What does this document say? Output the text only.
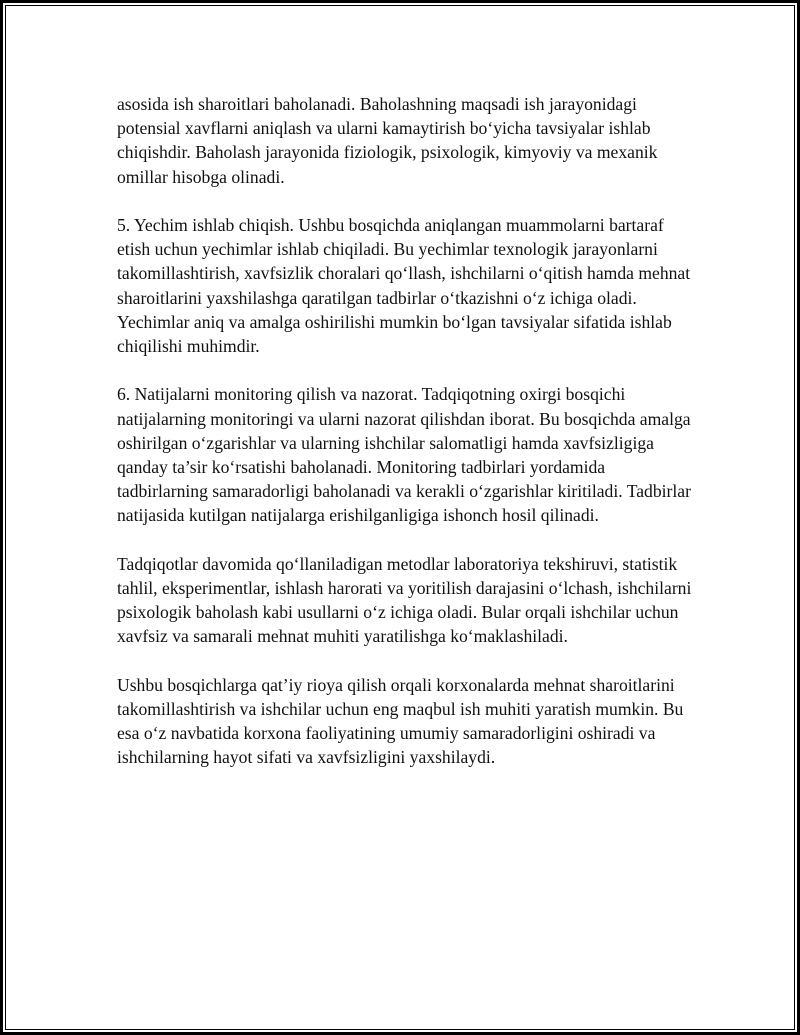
asosida ish sharoitlari baholanadi. Baholashning maqsadi ish jarayonidagi potensial xavflarni aniqlash va ularni kamaytirish bo‘yicha tavsiyalar ishlab chiqishdir. Baholash jarayonida fiziologik, psixologik, kimyoviy va mexanik omillar hisobga olinadi.

5. Yechim ishlab chiqish. Ushbu bosqichda aniqlangan muammolarni bartaraf etish uchun yechimlar ishlab chiqiladi. Bu yechimlar texnologik jarayonlarni takomillashtirish, xavfsizlik choralari qo‘llash, ishchilarni o‘qitish hamda mehnat sharoitlarini yaxshilashga qaratilgan tadbirlar o‘tkazishni o‘z ichiga oladi. Yechimlar aniq va amalga oshirilishi mumkin bo‘lgan tavsiyalar sifatida ishlab chiqilishi muhimdir.

6. Natijalarni monitoring qilish va nazorat. Tadqiqotning oxirgi bosqichi natijalarning monitoringi va ularni nazorat qilishdan iborat. Bu bosqichda amalga oshirilgan o‘zgarishlar va ularning ishchilar salomatligi hamda xavfsizligiga qanday ta’sir ko‘rsatishi baholanadi. Monitoring tadbirlari yordamida tadbirlarning samaradorligi baholanadi va kerakli o‘zgarishlar kiritiladi. Tadbirlar natijasida kutilgan natijalarga erishilganligiga ishonch hosil qilinadi.

Tadqiqotlar davomida qo‘llaniladigan metodlar laboratoriya tekshiruvi, statistik tahlil, eksperimentlar, ishlash harorati va yoritilish darajasini o‘lchash, ishchilarni psixologik baholash kabi usullarni o‘z ichiga oladi. Bular orqali ishchilar uchun xavfsiz va samarali mehnat muhiti yaratilishga ko‘maklashiladi.

Ushbu bosqichlarga qat’iy rioya qilish orqali korxonalarda mehnat sharoitlarini takomillashtirish va ishchilar uchun eng maqbul ish muhiti yaratish mumkin. Bu esa o‘z navbatida korxona faoliyatining umumiy samaradorligini oshiradi va ishchilarning hayot sifati va xavfsizligini yaxshilaydi.
